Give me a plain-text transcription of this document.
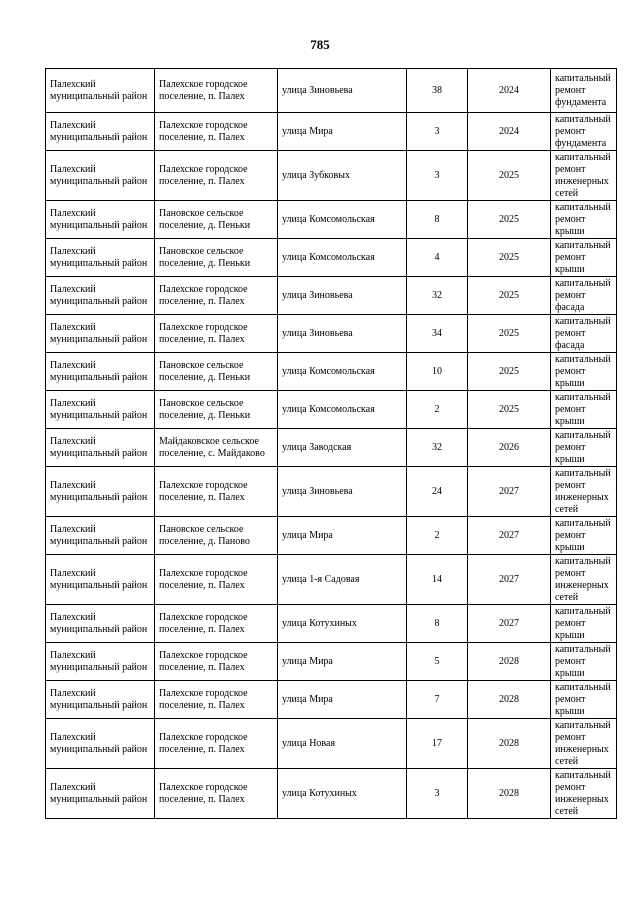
785
Палехский муниципальный район	Палехское городское поселение, п. Палех	улица Зиновьева	38	2024	капитальный ремонт фундамента
Палехский муниципальный район	Палехское городское поселение, п. Палех	улица Мира	3	2024	капитальный ремонт фундамента
Палехский муниципальный район	Палехское городское поселение, п. Палех	улица Зубковых	3	2025	капитальный ремонт инженерных сетей
Палехский муниципальный район	Пановское сельское поселение, д. Пеньки	улица Комсомольская	8	2025	капитальный ремонт крыши
Палехский муниципальный район	Пановское сельское поселение, д. Пеньки	улица Комсомольская	4	2025	капитальный ремонт крыши
Палехский муниципальный район	Палехское городское поселение, п. Палех	улица Зиновьева	32	2025	капитальный ремонт фасада
Палехский муниципальный район	Палехское городское поселение, п. Палех	улица Зиновьева	34	2025	капитальный ремонт фасада
Палехский муниципальный район	Пановское сельское поселение, д. Пеньки	улица Комсомольская	10	2025	капитальный ремонт крыши
Палехский муниципальный район	Пановское сельское поселение, д. Пеньки	улица Комсомольская	2	2025	капитальный ремонт крыши
Палехский муниципальный район	Майдаковское сельское поселение, с. Майдаково	улица Заводская	32	2026	капитальный ремонт крыши
Палехский муниципальный район	Палехское городское поселение, п. Палех	улица Зиновьева	24	2027	капитальный ремонт инженерных сетей
Палехский муниципальный район	Пановское сельское поселение, д. Паново	улица Мира	2	2027	капитальный ремонт крыши
Палехский муниципальный район	Палехское городское поселение, п. Палех	улица 1-я Садовая	14	2027	капитальный ремонт инженерных сетей
Палехский муниципальный район	Палехское городское поселение, п. Палех	улица Котухиных	8	2027	капитальный ремонт крыши
Палехский муниципальный район	Палехское городское поселение, п. Палех	улица Мира	5	2028	капитальный ремонт крыши
Палехский муниципальный район	Палехское городское поселение, п. Палех	улица Мира	7	2028	капитальный ремонт крыши
Палехский муниципальный район	Палехское городское поселение, п. Палех	улица Новая	17	2028	капитальный ремонт инженерных сетей
Палехский муниципальный район	Палехское городское поселение, п. Палех	улица Котухиных	3	2028	капитальный ремонт инженерных сетей
